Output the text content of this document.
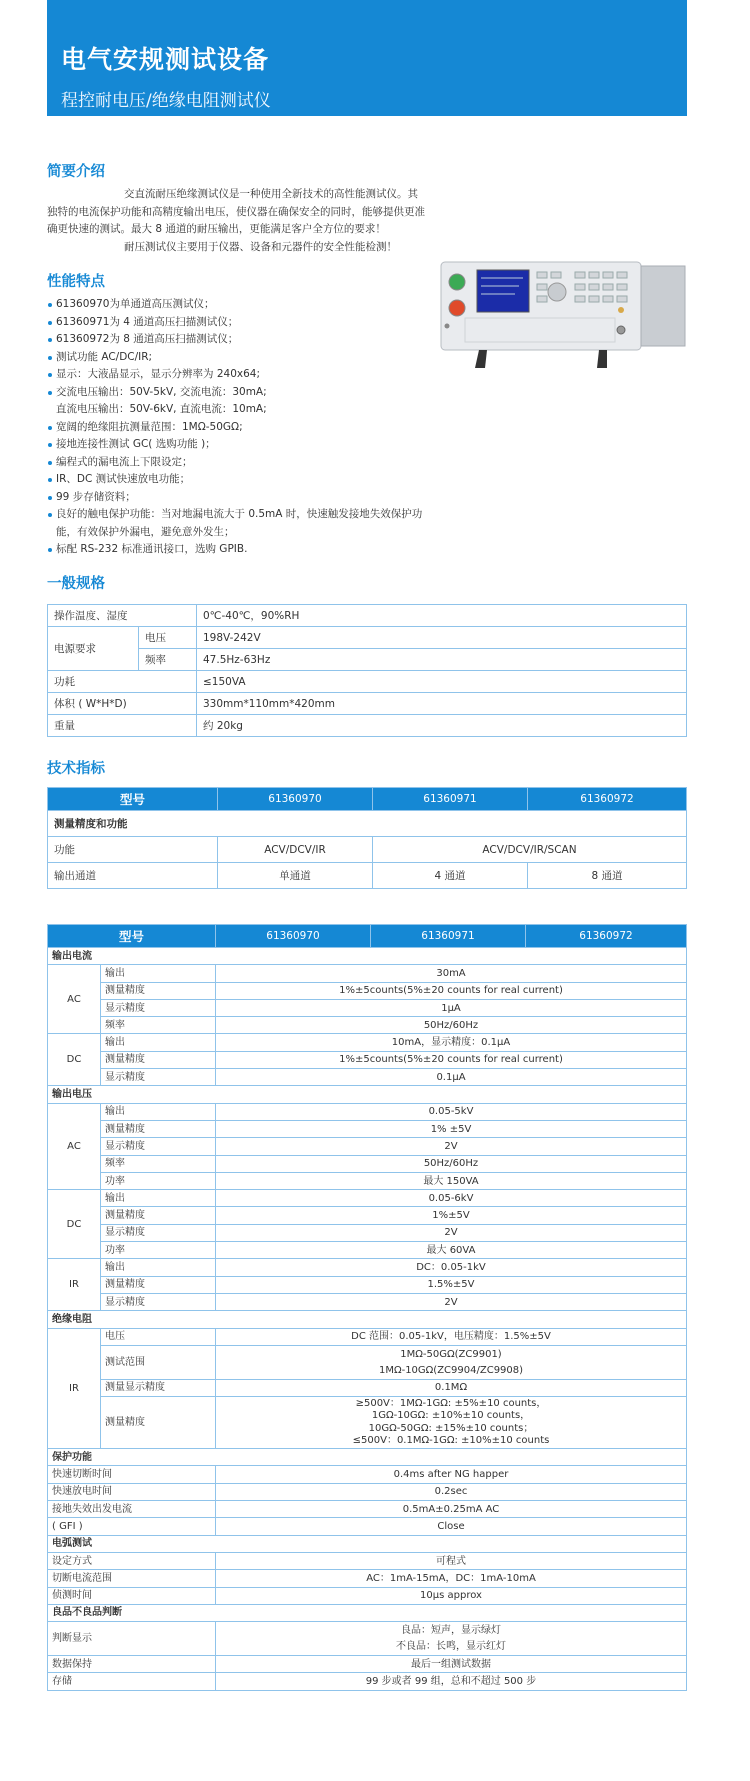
电气安规测试设备
程控耐电压/绝缘电阻测试仪
简要介绍

交直流耐压绝缘测试仪是一种使用全新技术的高性能测试仪。其

独特的电流保护功能和高精度输出电压，使仪器在确保安全的同时，能够提供更准

确更快速的测试。最大 8 通道的耐压输出，更能满足客户全方位的要求！

耐压测试仪主要用于仪器、设备和元器件的安全性能检测！

性能特点
61360970为单通道高压测试仪；
61360971为 4 通道高压扫描测试仪；
61360972为 8 通道高压扫描测试仪；
测试功能 AC/DC/IR;
显示：大液晶显示，显示分辨率为 240x64;
交流电压输出：50V-5kV, 交流电流：30mA;
直流电压输出：50V-6kV, 直流电流：10mA;
宽阔的绝缘阻抗测量范围：1MΩ-50GΩ;
接地连接性测试 GC( 选购功能 )；
编程式的漏电流上下限设定；
IR、DC 测试快速放电功能；
99 步存储资料；
良好的触电保护功能：当对地漏电流大于 0.5mA 时，快速触发接地失效保护功
能，有效保护外漏电，避免意外发生；
标配 RS-232 标准通讯接口，选购 GPIB.
一般规格
操作温度、湿度		0℃-40℃，90%RH
电源要求	电压	198V-242V
	频率	47.5Hz-63Hz
功耗		≤150VA
体积 ( W*H*D)		330mm*110mm*420mm
重量		约 20kg
技术指标
型号	61360970	61360971	61360972
测量精度和功能			
功能	ACV/DCV/IR	ACV/DCV/IR/SCAN	
输出通道	单通道	4 通道	8 通道
型号		61360970	61360971	61360972
输出电流				
AC	输出	30mA		
	测量精度	1%±5counts(5%±20 counts for real current)		
	显示精度	1μA		
	频率	50Hz/60Hz		
DC	输出	10mA，显示精度：0.1μA		
	测量精度	1%±5counts(5%±20 counts for real current)		
	显示精度	0.1μA		
输出电压				
AC	输出	0.05-5kV		
	测量精度	1% ±5V		
	显示精度	2V		
	频率	50Hz/60Hz		
	功率	最大 150VA		
DC	输出	0.05-6kV		
	测量精度	1%±5V		
	显示精度	2V		
	功率	最大 60VA		
IR	输出	DC：0.05-1kV		
	测量精度	1.5%±5V		
	显示精度	2V		
绝缘电阻				
IR	电压	DC 范围：0.05-1kV，电压精度：1.5%±5V		
	测试范围	1MΩ-50GΩ(ZC9901)
1MΩ-10GΩ(ZC9904/ZC9908)		

	测量显示精度	0.1MΩ		
	测量精度	≥500V：1MΩ-1GΩ: ±5%±10 counts，
1GΩ-10GΩ: ±10%±10 counts，
10GΩ-50GΩ: ±15%±10 counts；
≤500V：0.1MΩ-1GΩ: ±10%±10 counts		

保护功能				
快速切断时间		0.4ms after NG happer		
快速放电时间		0.2sec		
接地失效出发电流		0.5mA±0.25mA AC		
( GFI )		Close		
电弧测试				
设定方式		可程式		
切断电流范围		AC：1mA-15mA，DC：1mA-10mA		
侦测时间		10μs approx		
良品不良品判断				
判断显示		良品：短声，显示绿灯
不良品：长鸣，显示红灯		

数据保持		最后一组测试数据		
存储		99 步或者 99 组，总和不超过 500 步		
